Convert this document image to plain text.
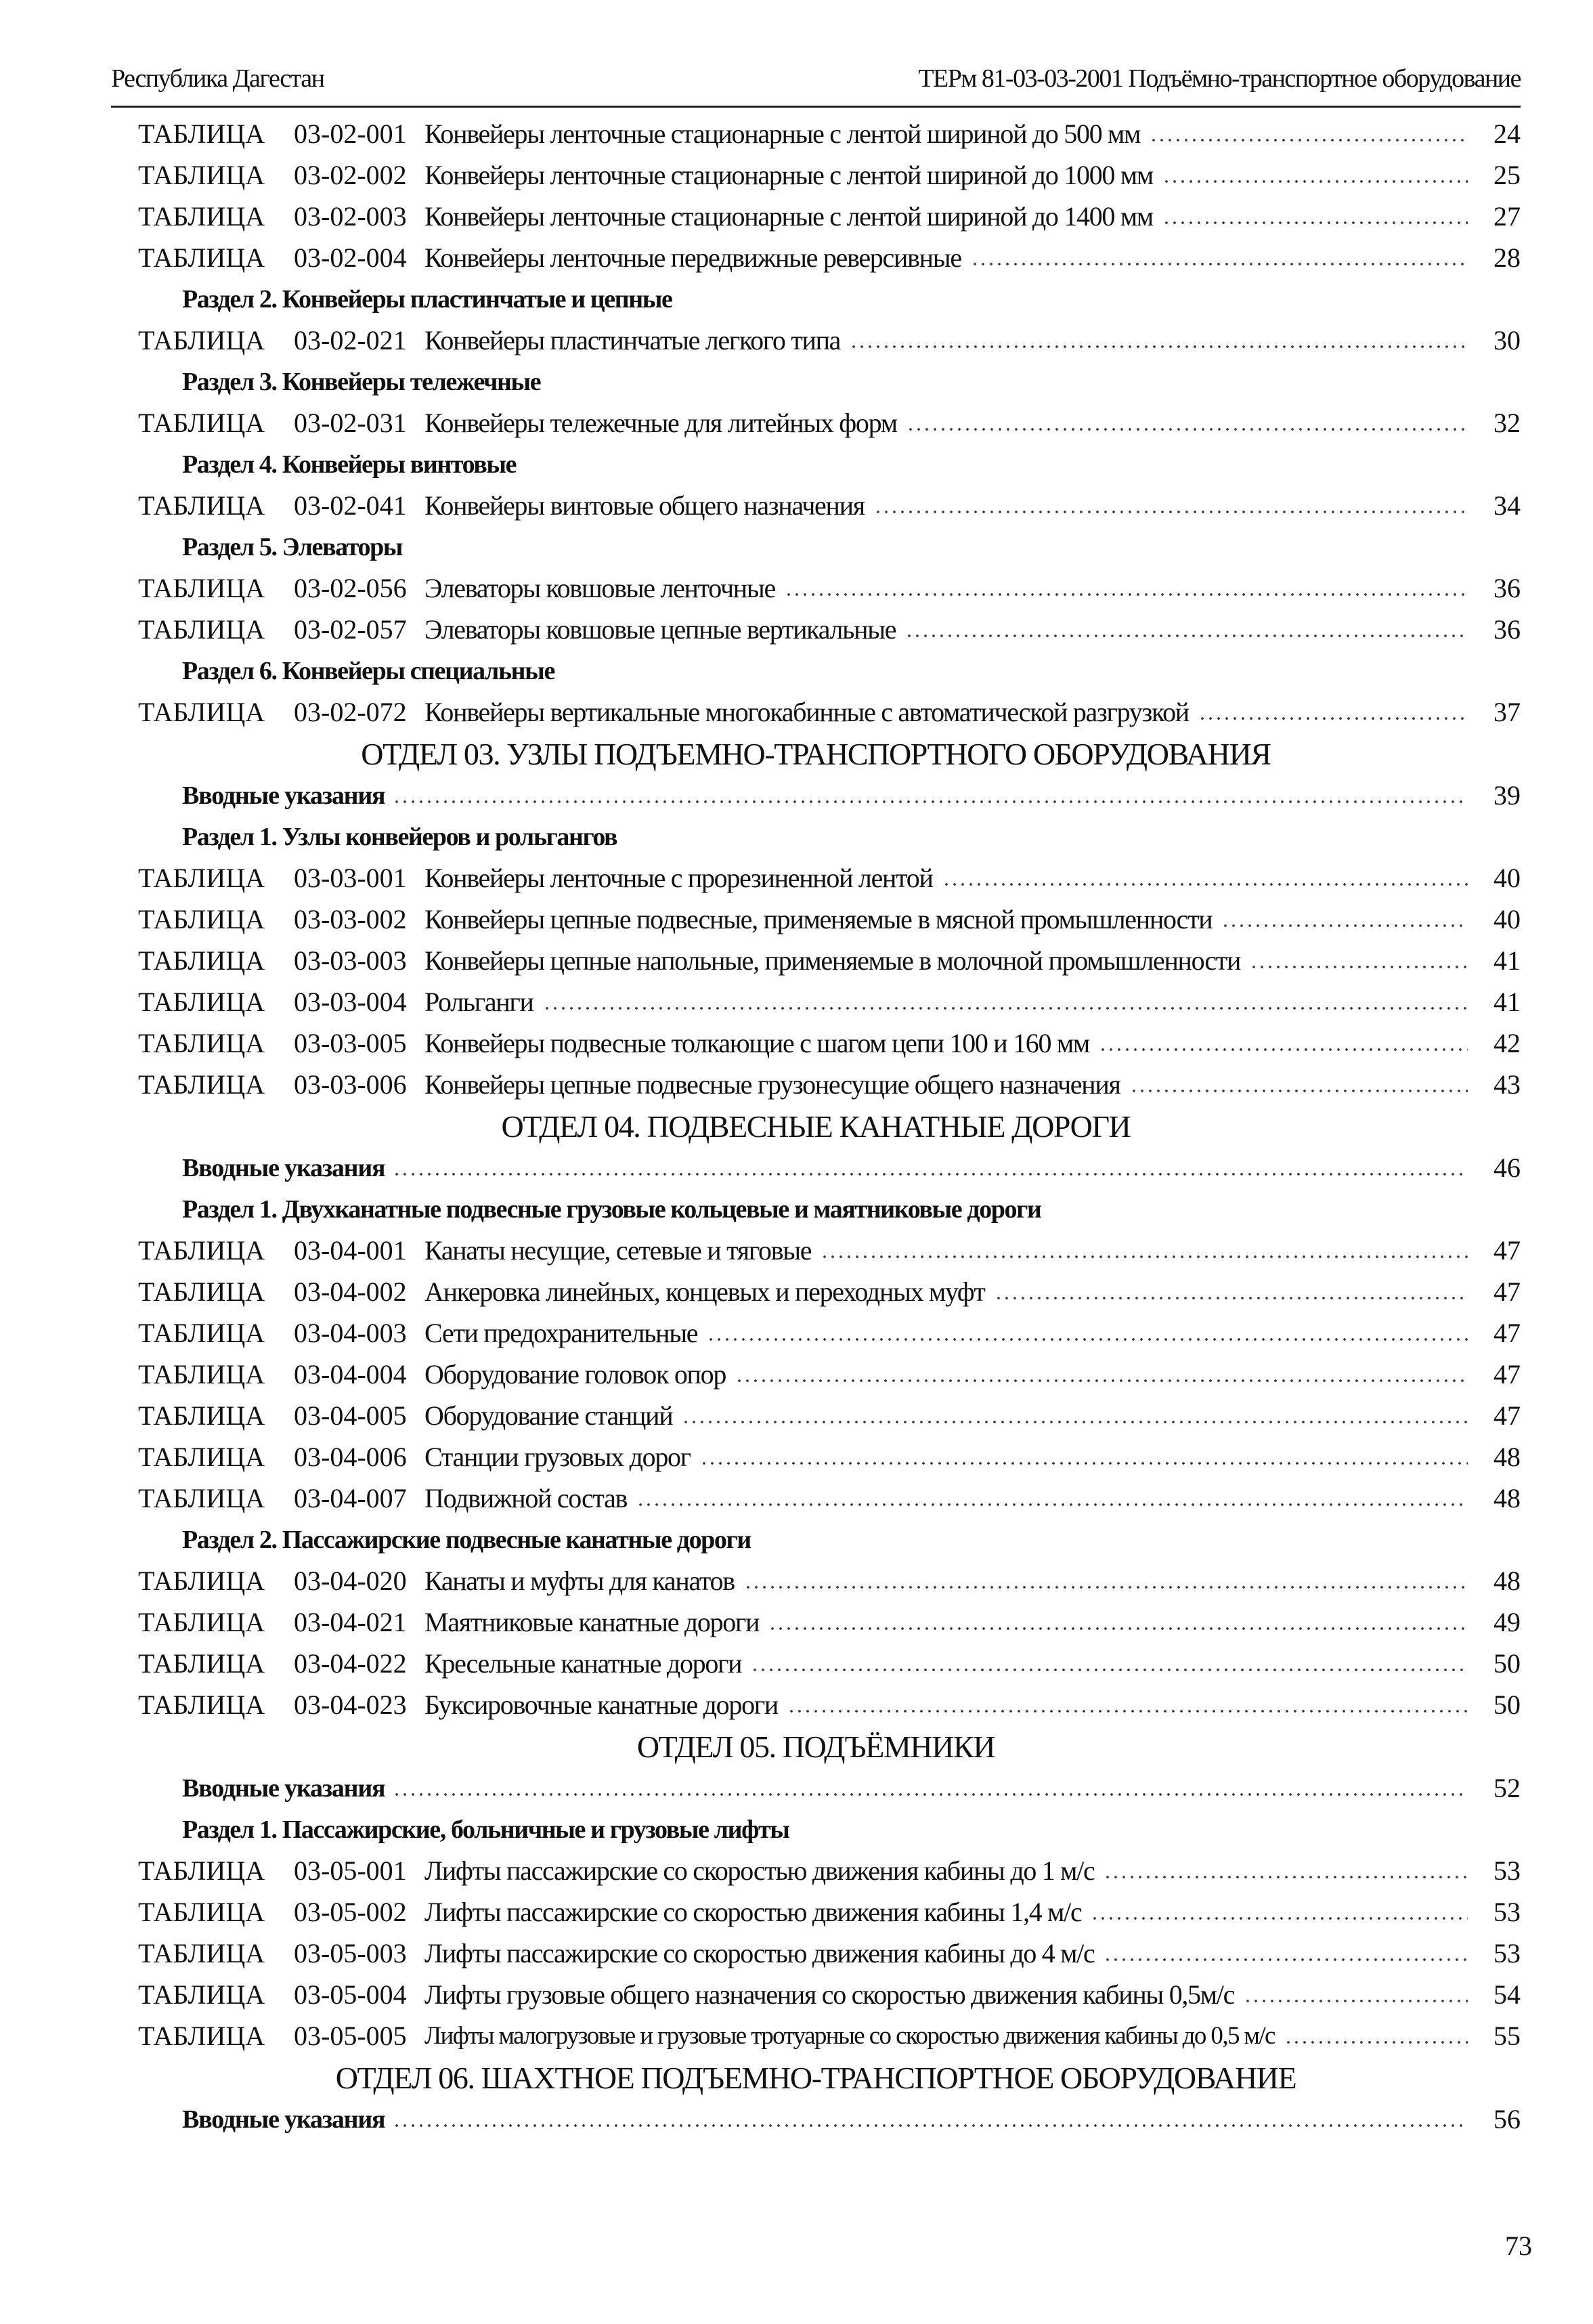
Республика Дагестан	ТЕРм 81-03-03-2001 Подъёмно-транспортное оборудование
ТАБЛИЦА	03-02-001 Конвейеры ленточные стационарные с лентой шириной до 500 мм	24
ТАБЛИЦА	03-02-002 Конвейеры ленточные стационарные с лентой шириной до 1000 мм	25
ТАБЛИЦА	03-02-003 Конвейеры ленточные стационарные с лентой шириной до 1400 мм	27
ТАБЛИЦА	03-02-004 Конвейеры ленточные передвижные реверсивные	28
Раздел 2. Конвейеры пластинчатые и цепные
ТАБЛИЦА	03-02-021 Конвейеры пластинчатые легкого типа	30
Раздел 3. Конвейеры тележечные
ТАБЛИЦА	03-02-031 Конвейеры тележечные для литейных форм	32
Раздел 4. Конвейеры винтовые
ТАБЛИЦА	03-02-041 Конвейеры винтовые общего назначения	34
Раздел 5. Элеваторы
ТАБЛИЦА	03-02-056 Элеваторы ковшовые ленточные	36
ТАБЛИЦА	03-02-057 Элеваторы ковшовые цепные вертикальные	36
Раздел 6. Конвейеры специальные
ТАБЛИЦА	03-02-072 Конвейеры вертикальные многокабинные с автоматической разгрузкой	37
ОТДЕЛ 03. УЗЛЫ ПОДЪЕМНО-ТРАНСПОРТНОГО ОБОРУДОВАНИЯ
Вводные указания	39
Раздел 1. Узлы конвейеров и рольгангов
ТАБЛИЦА	03-03-001 Конвейеры ленточные с прорезиненной лентой	40
ТАБЛИЦА	03-03-002 Конвейеры цепные подвесные, применяемые в мясной промышленности	40
ТАБЛИЦА	03-03-003 Конвейеры цепные напольные, применяемые в молочной промышленности	41
ТАБЛИЦА	03-03-004 Рольганги	41
ТАБЛИЦА	03-03-005 Конвейеры подвесные толкающие с шагом цепи 100 и 160 мм	42
ТАБЛИЦА	03-03-006 Конвейеры цепные подвесные грузонесущие общего назначения	43
ОТДЕЛ 04. ПОДВЕСНЫЕ КАНАТНЫЕ ДОРОГИ
Вводные указания	46
Раздел 1. Двухканатные подвесные грузовые кольцевые и маятниковые дороги
ТАБЛИЦА	03-04-001 Канаты несущие, сетевые и тяговые	47
ТАБЛИЦА	03-04-002 Анкеровка линейных, концевых и переходных муфт	47
ТАБЛИЦА	03-04-003 Сети предохранительные	47
ТАБЛИЦА	03-04-004 Оборудование головок опор	47
ТАБЛИЦА	03-04-005 Оборудование станций	47
ТАБЛИЦА	03-04-006 Станции грузовых дорог	48
ТАБЛИЦА	03-04-007 Подвижной состав	48
Раздел 2. Пассажирские подвесные канатные дороги
ТАБЛИЦА	03-04-020 Канаты и муфты для канатов	48
ТАБЛИЦА	03-04-021 Маятниковые канатные дороги	49
ТАБЛИЦА	03-04-022 Кресельные канатные дороги	50
ТАБЛИЦА	03-04-023 Буксировочные канатные дороги	50
ОТДЕЛ 05. ПОДЪЁМНИКИ
Вводные указания	52
Раздел 1. Пассажирские, больничные и грузовые лифты
ТАБЛИЦА	03-05-001 Лифты пассажирские со скоростью движения кабины до 1 м/с	53
ТАБЛИЦА	03-05-002 Лифты пассажирские со скоростью движения кабины 1,4 м/с	53
ТАБЛИЦА	03-05-003 Лифты пассажирские со скоростью движения кабины до 4 м/с	53
ТАБЛИЦА	03-05-004 Лифты грузовые общего назначения со скоростью движения кабины 0,5м/с	54
ТАБЛИЦА	03-05-005 Лифты малогрузовые и грузовые тротуарные со скоростью движения кабины до 0,5 м/с	55
ОТДЕЛ 06. ШАХТНОЕ ПОДЪЕМНО-ТРАНСПОРТНОЕ ОБОРУДОВАНИЕ
Вводные указания	56
73
